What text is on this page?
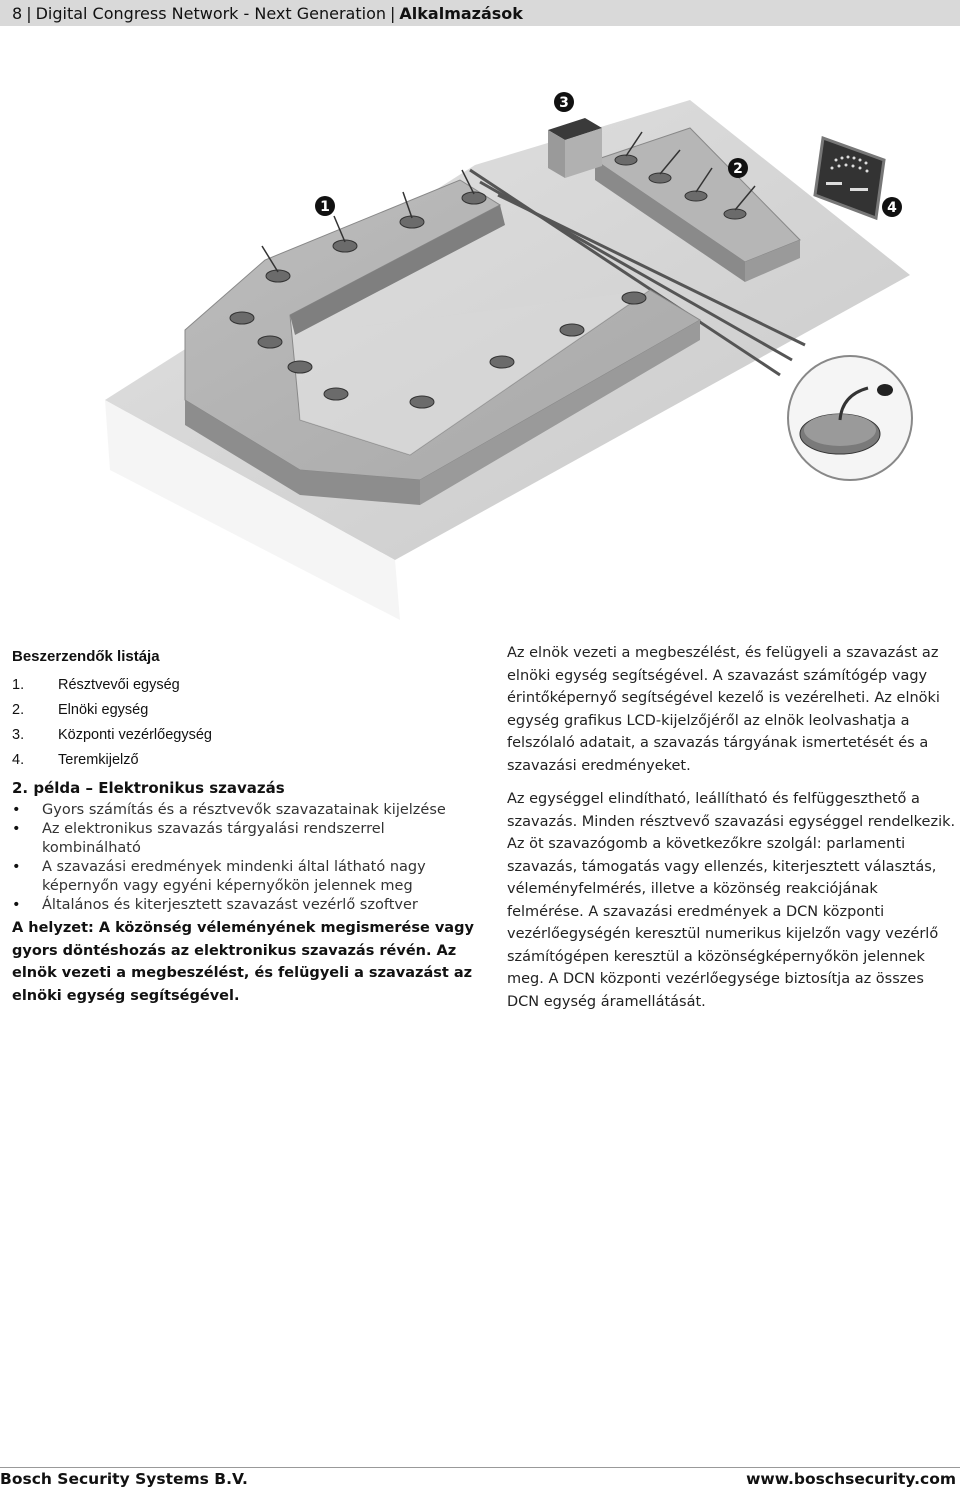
8 | Digital Congress Network - Next Generation | Alkalmazások
1
2
3
4
Beszerzendők listája
1. Résztvevői egység
2. Elnöki egység
3. Központi vezérlőegység
4. Teremkijelző
2. példa – Elektronikus szavazás
• Gyors számítás és a résztvevők szavazatainak kijelzése
• Az elektronikus szavazás tárgyalási rendszerrel kombinálható
• A szavazási eredmények mindenki által látható nagy képernyőn vagy egyéni képernyőkön jelennek meg
• Általános és kiterjesztett szavazást vezérlő szoftver
A helyzet: A közönség véleményének megismerése vagy gyors döntéshozás az elektronikus szavazás révén. Az elnök vezeti a megbeszélést, és felügyeli a szavazást az elnöki egység segítségével.

Az elnök vezeti a megbeszélést, és felügyeli a szavazást az elnöki egység segítségével. A szavazást számítógép vagy érintőképernyő segítségével kezelő is vezérelheti. Az elnöki egység grafikus LCD-kijelzőjéről az elnök leolvashatja a felszólaló adatait, a szavazás tárgyának ismertetését és a szavazási eredményeket.

Az egységgel elindítható, leállítható és felfüggeszthető a szavazás. Minden résztvevő szavazási egységgel rendelkezik. Az öt szavazógomb a következőkre szolgál: parlamenti szavazás, támogatás vagy ellenzés, kiterjesztett választás, véleményfelmérés, illetve a közönség reakciójának felmérése. A szavazási eredmények a DCN központi vezérlőegységén keresztül numerikus kijelzőn vagy vezérlő számítógépen keresztül a közönségképernyőkön jelennek meg. A DCN központi vezérlőegysége biztosítja az összes DCN egység áramellátását.

Bosch Security Systems B.V.	www.boschsecurity.com
